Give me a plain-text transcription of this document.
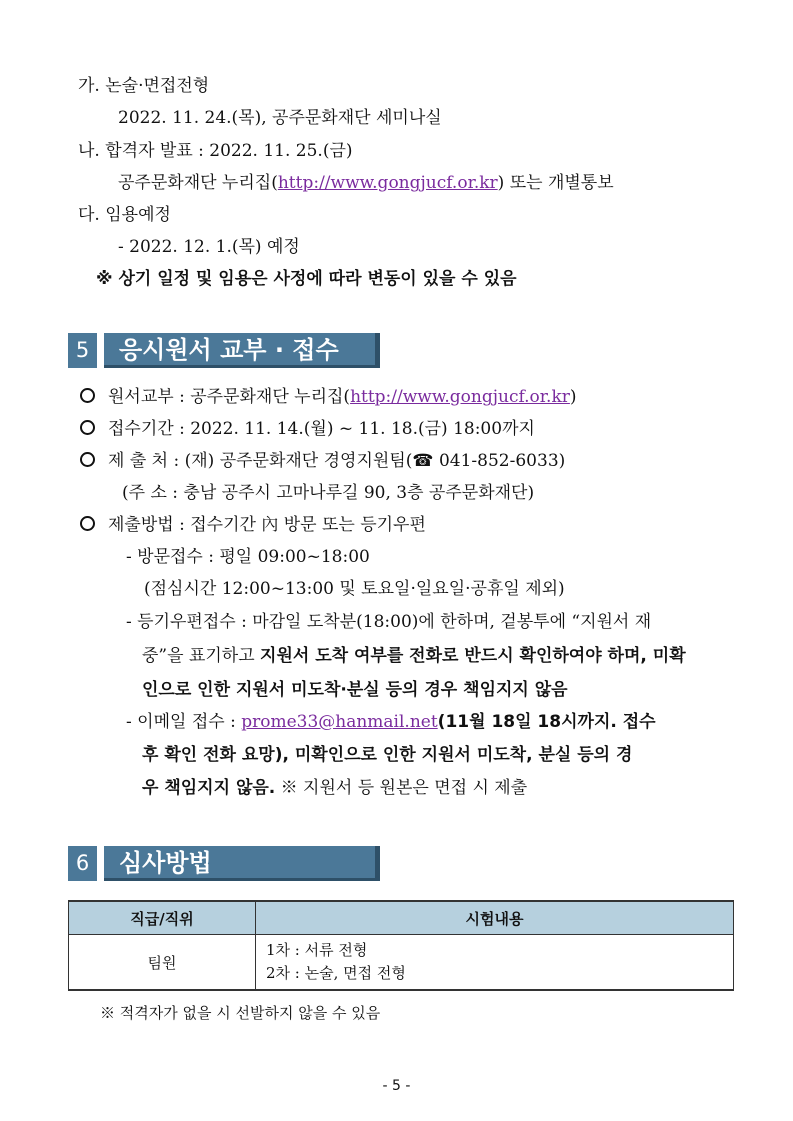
가. 논술·면접전형
2022. 11. 24.(목), 공주문화재단 세미나실
나. 합격자 발표 : 2022. 11. 25.(금)
공주문화재단 누리집(http://www.gongjucf.or.kr) 또는 개별통보
다. 임용예정
- 2022. 12. 1.(목) 예정
※ 상기 일정 및 임용은 사정에 따라 변동이 있을 수 있음
5	응시원서 교부 · 접수
원서교부 : 공주문화재단 누리집(http://www.gongjucf.or.kr)
접수기간 : 2022. 11. 14.(월) ~ 11. 18.(금) 18:00까지
제 출 처 : (재) 공주문화재단 경영지원팀(☎ 041-852-6033)
(주 소 : 충남 공주시 고마나루길 90, 3층 공주문화재단)
제출방법 : 접수기간 內 방문 또는 등기우편
- 방문접수 : 평일 09:00~18:00
(점심시간 12:00~13:00 및 토요일·일요일·공휴일 제외)
- 등기우편접수 : 마감일 도착분(18:00)에 한하며, 겉봉투에 “지원서 재
중”을 표기하고 지원서 도착 여부를 전화로 반드시 확인하여야 하며, 미확
인으로 인한 지원서 미도착·분실 등의 경우 책임지지 않음
- 이메일 접수 : prome33@hanmail.net(11월 18일 18시까지. 접수
후 확인 전화 요망), 미확인으로 인한 지원서 미도착, 분실 등의 경
우 책임지지 않음. ※ 지원서 등 원본은 면접 시 제출
6	심사방법
직급/직위	시험내용
팀원	1차 : 서류 전형
2차 : 논술, 면접 전형
※ 적격자가 없을 시 선발하지 않을 수 있음
- 5 -
